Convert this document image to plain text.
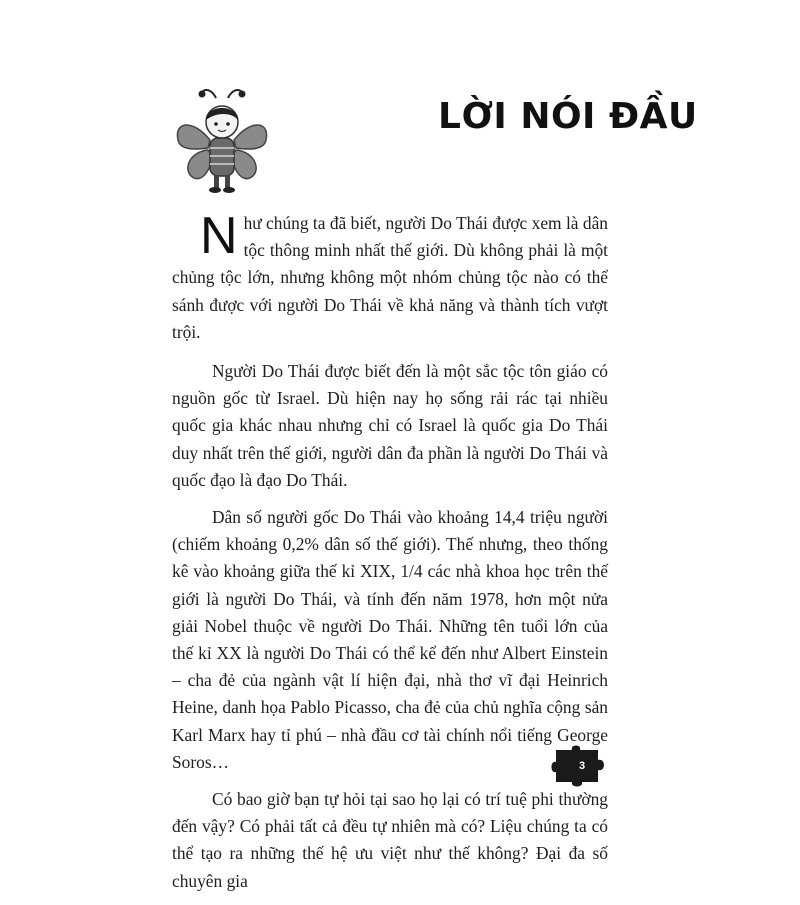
LỜI NÓI ĐẦU

Như chúng ta đã biết, người Do Thái được xem là dân tộc thông minh nhất thế giới. Dù không phải là một chủng tộc lớn, nhưng không một nhóm chủng tộc nào có thể sánh được với người Do Thái về khả năng và thành tích vượt trội.

Người Do Thái được biết đến là một sắc tộc tôn giáo có nguồn gốc từ Israel. Dù hiện nay họ sống rải rác tại nhiều quốc gia khác nhau nhưng chỉ có Israel là quốc gia Do Thái duy nhất trên thế giới, người dân đa phần là người Do Thái và quốc đạo là đạo Do Thái.

Dân số người gốc Do Thái vào khoảng 14,4 triệu người (chiếm khoảng 0,2% dân số thế giới). Thế nhưng, theo thống kê vào khoảng giữa thế kỉ XIX, 1/4 các nhà khoa học trên thế giới là người Do Thái, và tính đến năm 1978, hơn một nửa giải Nobel thuộc về người Do Thái. Những tên tuổi lớn của thế kỉ XX là người Do Thái có thể kể đến như Albert Einstein – cha đẻ của ngành vật lí hiện đại, nhà thơ vĩ đại Heinrich Heine, danh họa Pablo Picasso, cha đẻ của chủ nghĩa cộng sản Karl Marx hay tỉ phú – nhà đầu cơ tài chính nổi tiếng George Soros…

Có bao giờ bạn tự hỏi tại sao họ lại có trí tuệ phi thường đến vậy? Có phải tất cả đều tự nhiên mà có? Liệu chúng ta có thể tạo ra những thế hệ ưu việt như thế không? Đại đa số chuyên gia

3
